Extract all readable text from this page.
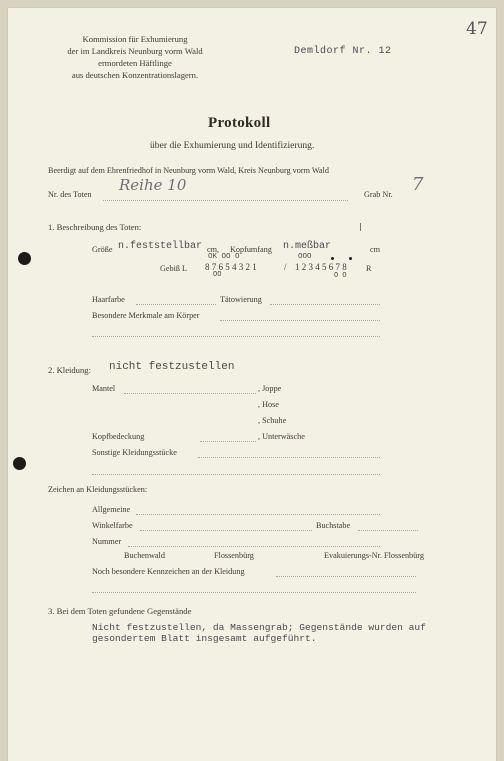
47
Kommission für Exhumierung
der im Landkreis Neunburg vorm Wald
ermordeten Häftlinge
aus deutschen Konzentrationslagern.
Demldorf Nr. 12
Protokoll
über die Exhumierung und Identifizierung.
Beerdigt auf dem Ehrenfriedhof in Neunburg vorm Wald, Kreis Neunburg vorm Wald
Nr. des Toten
Reihe 10
Grab Nr. 7
1. Beschreibung des Toten:
Größe n.feststellbar cm, Kopfumfang n.meßbar	cm
OK OO O	OOO
Gebiß L 8 7 6 5 4 3 2 1	/ 1 2 3 4 5 6 7 8 R
OO	O O
Haarfarbe	Tätowierung
Besondere Merkmale am Körper
2. Kleidung: nicht festzustellen
Mantel	, Joppe
, Hose
, Schuhe
Kopfbedeckung	, Unterwäsche
Sonstige Kleidungsstücke
Zeichen an Kleidungsstücken:
Allgemeine
Winkelfarbe	Buchstabe
Nummer
Buchenwald	Flossenbürg	Evakuierungs-Nr. Flossenbürg
Noch besondere Kennzeichen an der Kleidung
3. Bei dem Toten gefundene Gegenstände
Nicht festzustellen, da Massengrab; Gegenstände wurden auf
gesondertem Blatt insgesamt aufgeführt.
